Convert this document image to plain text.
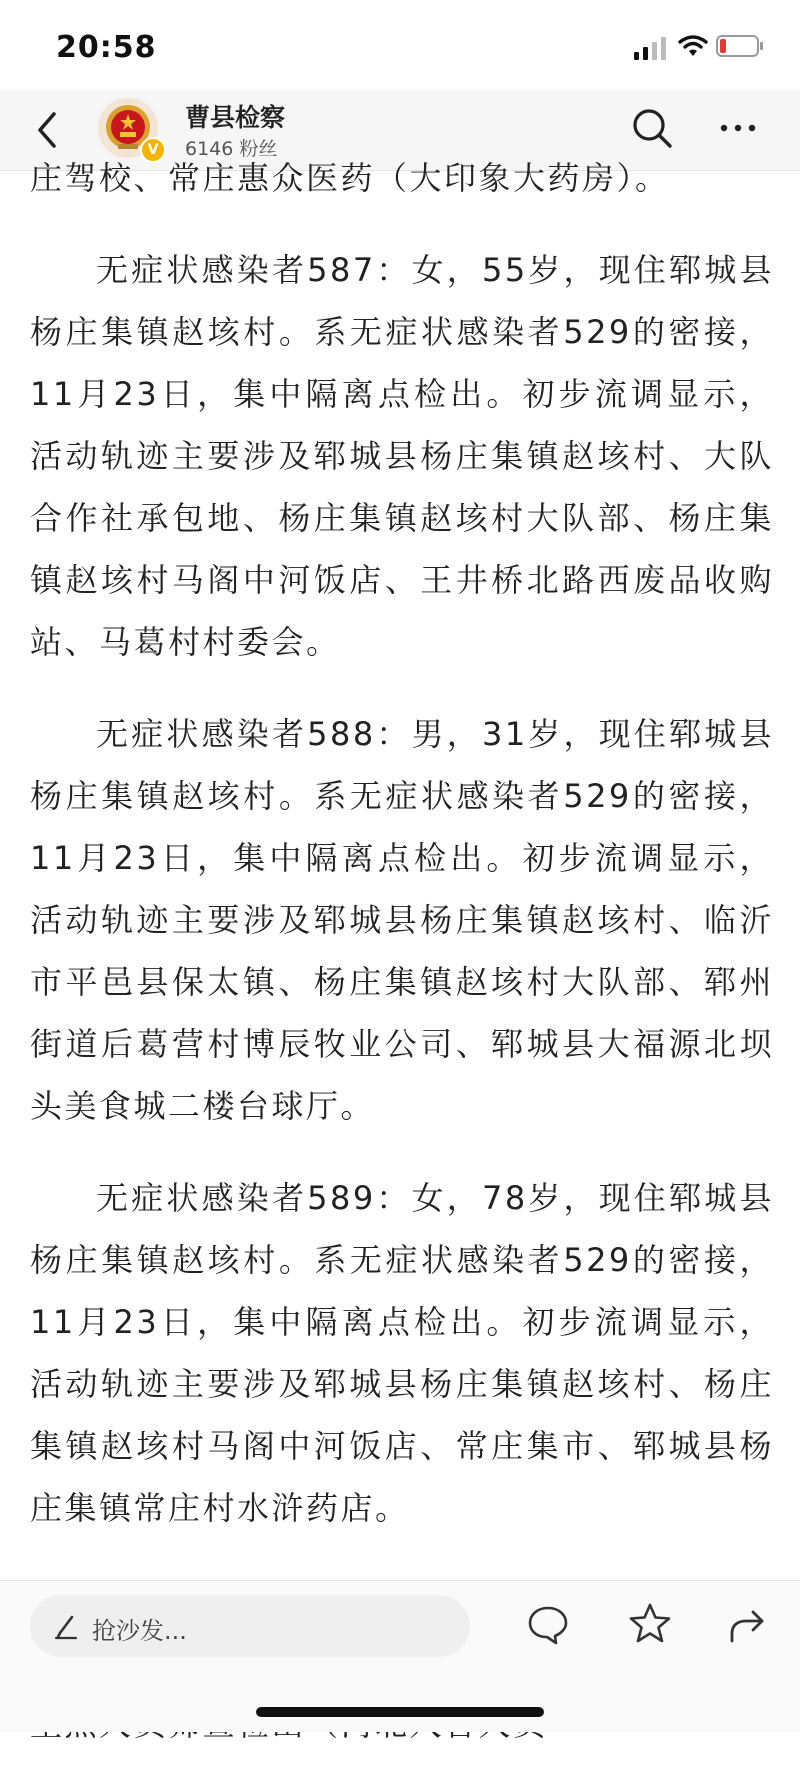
20:58
V
曹县检察
6146 粉丝

庄驾校、常庄惠众医药（大印象大药房）。

无症状感染者587：女，55岁，现住郓城县杨庄集镇赵垓村。系无症状感染者529的密接，11月23日，集中隔离点检出。初步流调显示，活动轨迹主要涉及郓城县杨庄集镇赵垓村、大队合作社承包地、杨庄集镇赵垓村大队部、杨庄集镇赵垓村马阁中河饭店、王井桥北路西废品收购站、马葛村村委会。

无症状感染者588：男，31岁，现住郓城县杨庄集镇赵垓村。系无症状感染者529的密接，11月23日，集中隔离点检出。初步流调显示，活动轨迹主要涉及郓城县杨庄集镇赵垓村、临沂市平邑县保太镇、杨庄集镇赵垓村大队部、郓州街道后葛营村博辰牧业公司、郓城县大福源北坝头美食城二楼台球厅。

无症状感染者589：女，78岁，现住郓城县杨庄集镇赵垓村。系无症状感染者529的密接，11月23日，集中隔离点检出。初步流调显示，活动轨迹主要涉及郓城县杨庄集镇赵垓村、杨庄集镇赵垓村马阁中河饭店、常庄集市、郓城县杨庄集镇常庄村水浒药店。

抢沙发...
